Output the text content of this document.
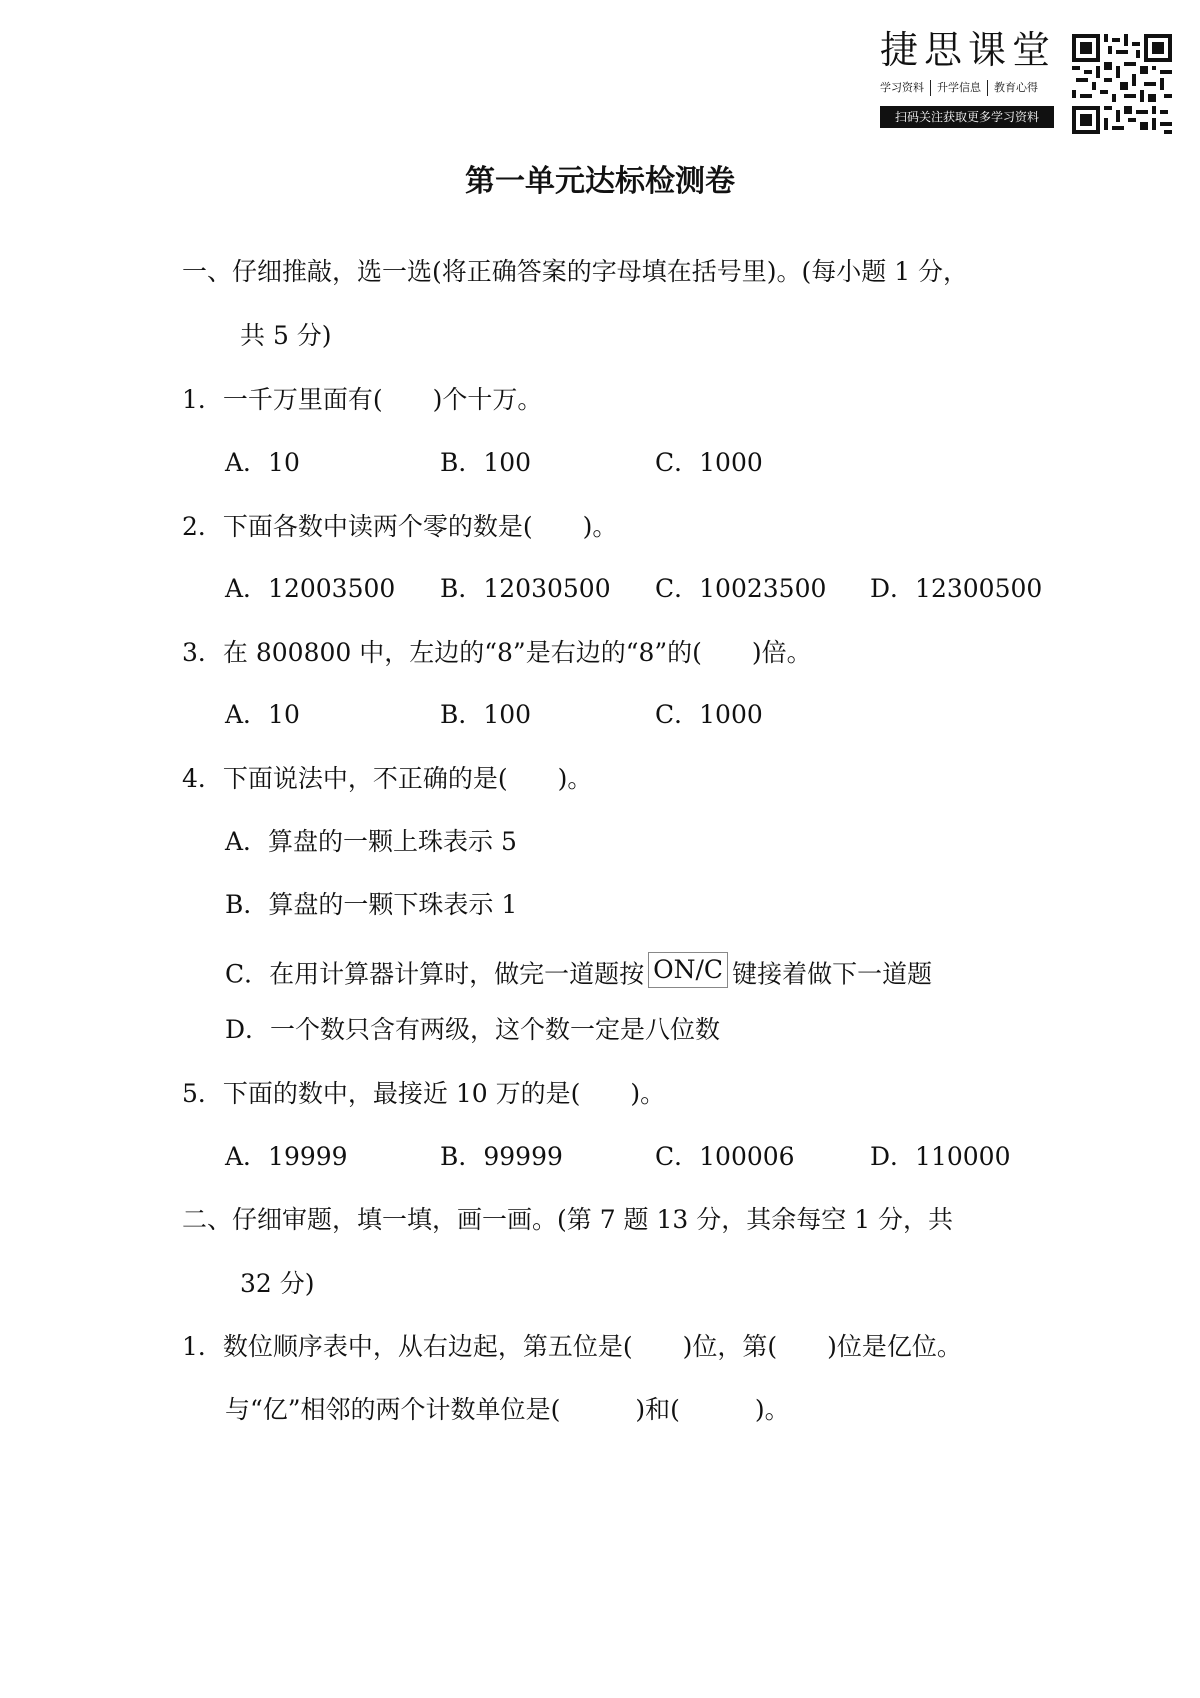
捷思课堂
学习资料	升学信息	教育心得
扫码关注获取更多学习资料
第一单元达标检测卷
一、仔细推敲，选一选(将正确答案的字母填在括号里)。(每小题 1 分，
共 5 分)
1．一千万里面有(　　)个十万。
A．10	B．100	C．1000
2．下面各数中读两个零的数是(　　)。
A．12003500 B．12030500 C．10023500 D．12300500
3．在 800800 中，左边的“8”是右边的“8”的(　　)倍。
A．10	B．100	C．1000
4．下面说法中，不正确的是(　　)。
A．算盘的一颗上珠表示 5
B．算盘的一颗下珠表示 1
C．在用计算器计算时，做完一道题按 ON/C 键接着做下一道题
D．一个数只含有两级，这个数一定是八位数
5．下面的数中，最接近 10 万的是(　　)。
A．19999	B．99999	C．100006	D．110000
二、仔细审题，填一填，画一画。(第 7 题 13 分，其余每空 1 分，共
32 分)
1．数位顺序表中，从右边起，第五位是(　　)位，第(　　)位是亿位。
与“亿”相邻的两个计数单位是(　　　)和(　　　)。
